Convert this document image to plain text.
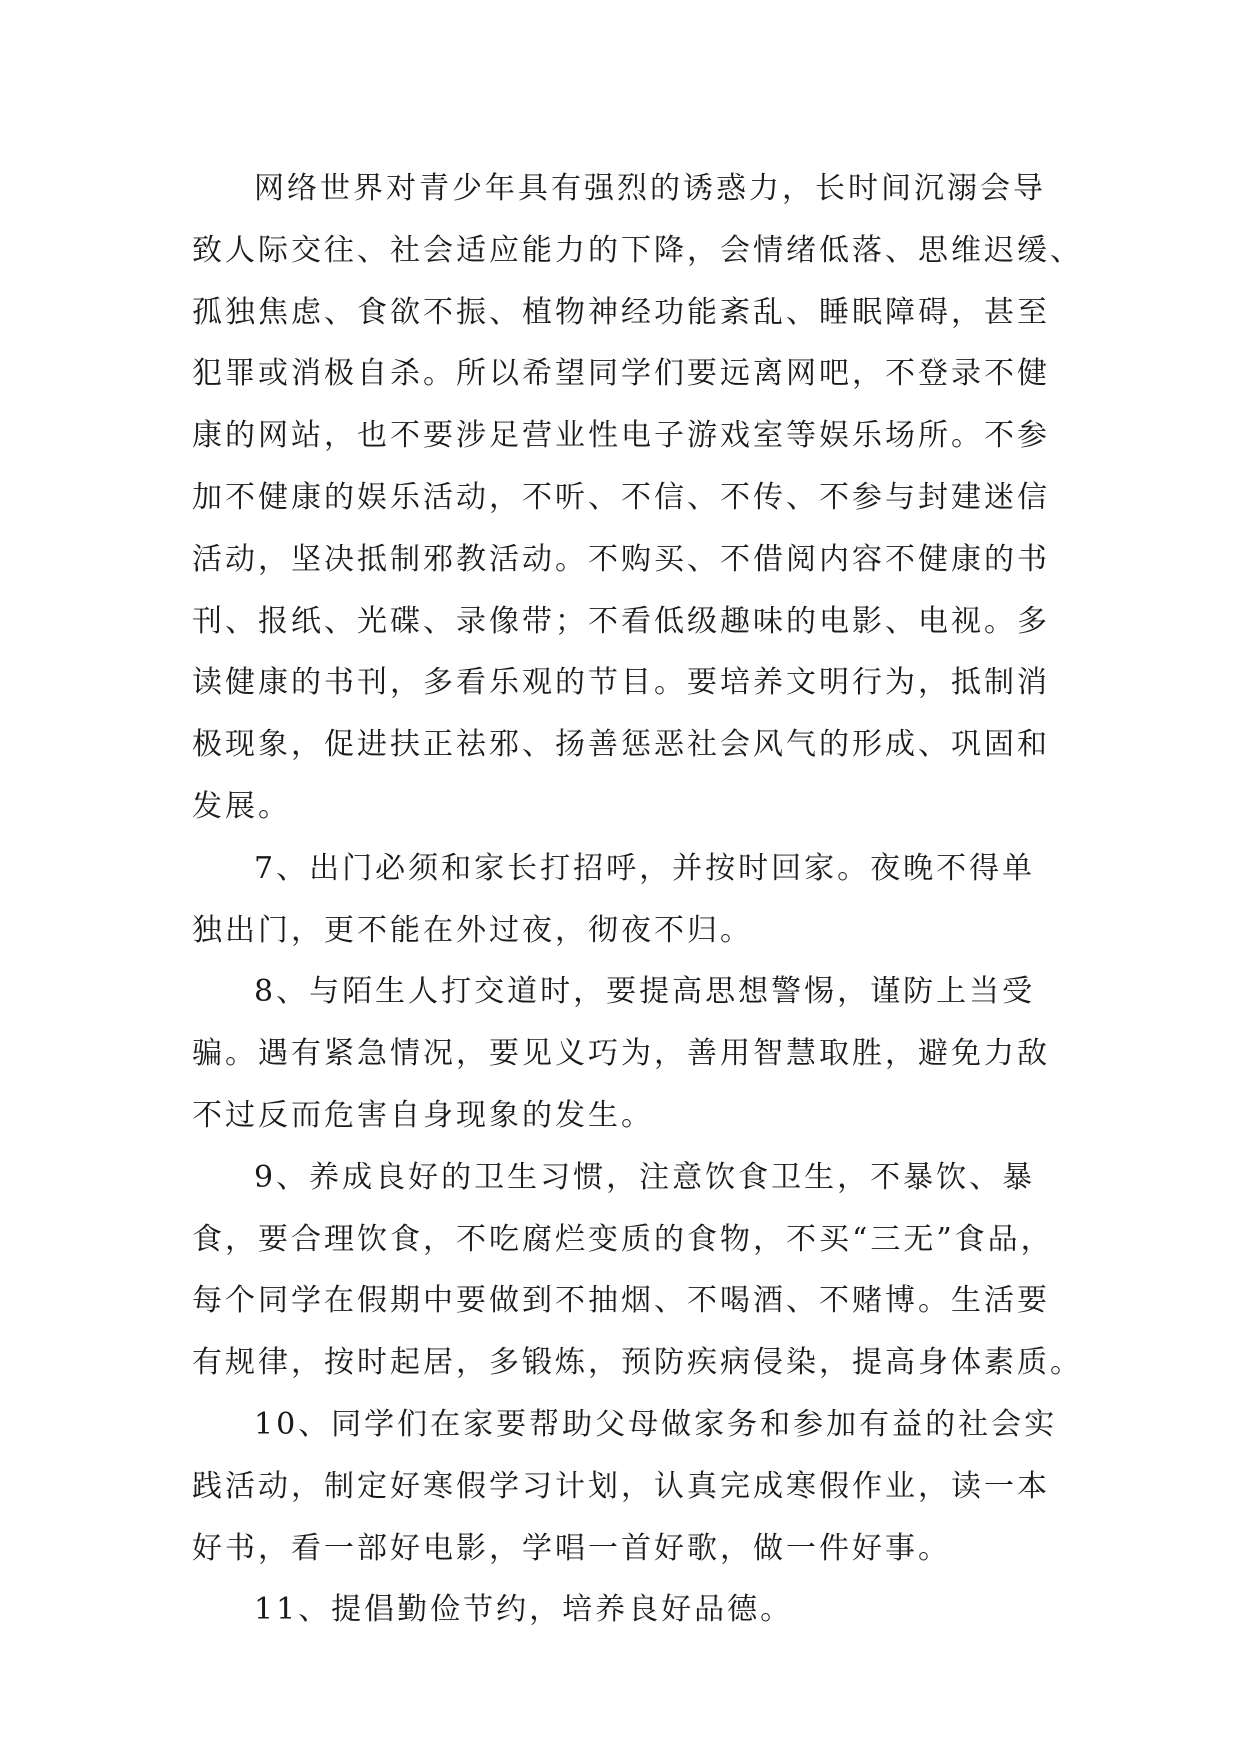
网络世界对青少年具有强烈的诱惑力，长时间沉溺会导
致人际交往、社会适应能力的下降，会情绪低落、思维迟缓、
孤独焦虑、食欲不振、植物神经功能紊乱、睡眠障碍，甚至
犯罪或消极自杀。所以希望同学们要远离网吧，不登录不健
康的网站，也不要涉足营业性电子游戏室等娱乐场所。不参
加不健康的娱乐活动，不听、不信、不传、不参与封建迷信
活动，坚决抵制邪教活动。不购买、不借阅内容不健康的书
刊、报纸、光碟、录像带；不看低级趣味的电影、电视。多
读健康的书刊，多看乐观的节目。要培养文明行为，抵制消
极现象，促进扶正祛邪、扬善惩恶社会风气的形成、巩固和
发展。
7、出门必须和家长打招呼，并按时回家。夜晚不得单
独出门，更不能在外过夜，彻夜不归。
8、与陌生人打交道时，要提高思想警惕，谨防上当受
骗。遇有紧急情况，要见义巧为，善用智慧取胜，避免力敌
不过反而危害自身现象的发生。
9、养成良好的卫生习惯，注意饮食卫生，不暴饮、暴
食，要合理饮食，不吃腐烂变质的食物，不买“三无”食品，
每个同学在假期中要做到不抽烟、不喝酒、不赌博。生活要
有规律，按时起居，多锻炼，预防疾病侵染，提高身体素质。
10、同学们在家要帮助父母做家务和参加有益的社会实
践活动，制定好寒假学习计划，认真完成寒假作业，读一本
好书，看一部好电影，学唱一首好歌，做一件好事。
11、提倡勤俭节约，培养良好品德。
